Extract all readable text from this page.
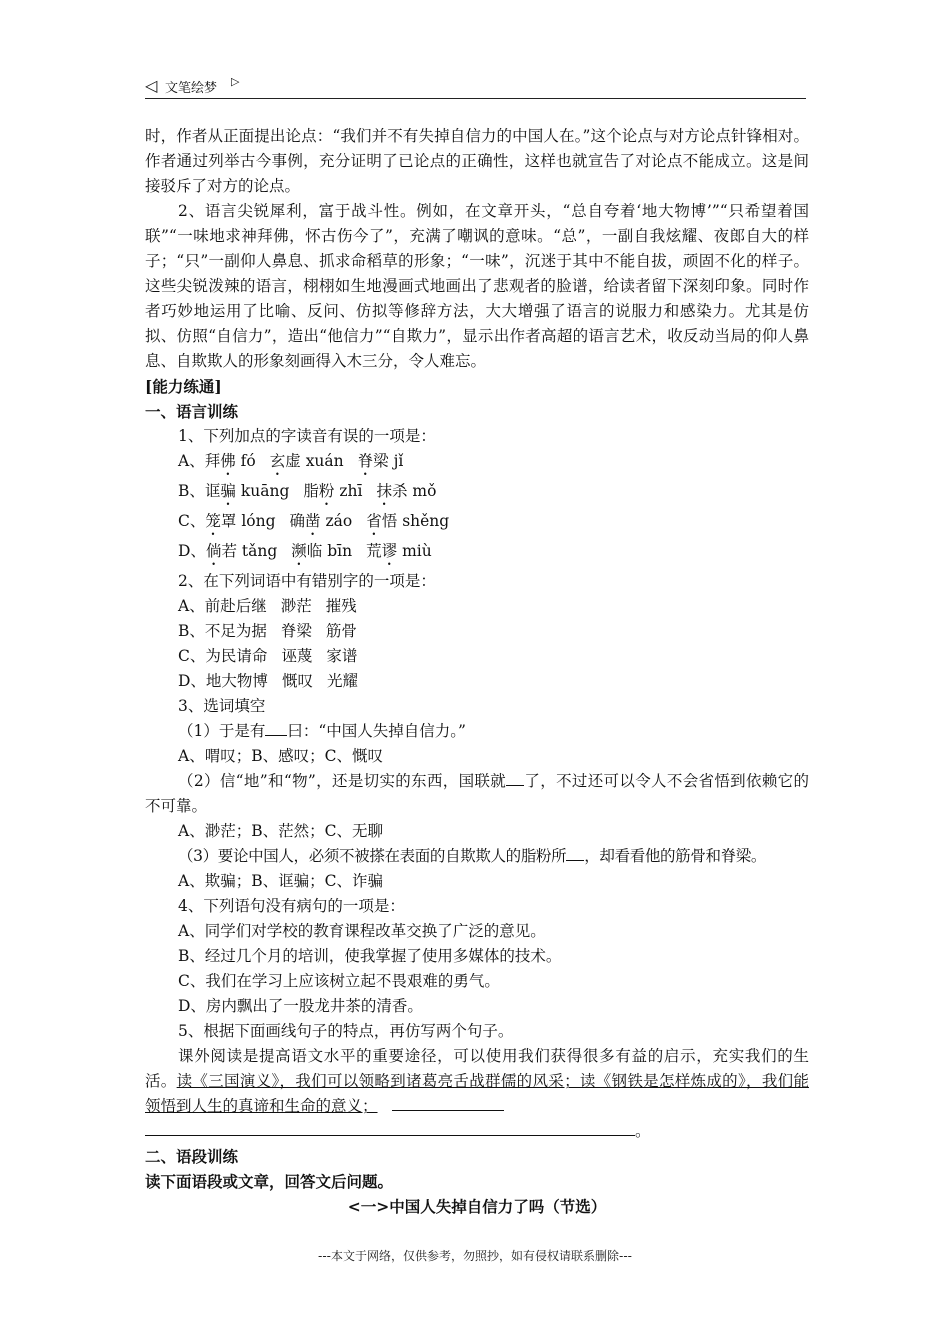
◁ 文笔绘梦 ▷

时，作者从正面提出论点：“我们并不有失掉自信力的中国人在。”这个论点与对方论点针锋相对。作者通过列举古今事例，充分证明了已论点的正确性，这样也就宣告了对论点不能成立。这是间接驳斥了对方的论点。

2、语言尖锐犀利，富于战斗性。例如，在文章开头，“总自夸着‘地大物博’”“只希望着国联”“一味地求神拜佛，怀古伤今了”，充满了嘲讽的意味。“总”，一副自我炫耀、夜郎自大的样子；“只”一副仰人鼻息、抓求命稻草的形象；“一味”，沉迷于其中不能自拔，顽固不化的样子。这些尖锐泼辣的语言，栩栩如生地漫画式地画出了悲观者的脸谱，给读者留下深刻印象。同时作者巧妙地运用了比喻、反问、仿拟等修辞方法，大大增强了语言的说服力和感染力。尤其是仿拟、仿照“自信力”，造出“他信力”“自欺力”，显示出作者高超的语言艺术，收反动当局的仰人鼻息、自欺欺人的形象刻画得入木三分，令人难忘。

[能力练通]

一、语言训练

1、下列加点的字读音有误的一项是：

A、拜佛 fó 玄虚 xuán 脊梁 jǐ

B、诓骗 kuāng 脂粉 zhī 抹杀 mǒ

C、笼罩 lóng 确凿 záo 省悟 shěng

D、倘若 tǎng 濒临 bīn 荒谬 miù

2、在下列词语中有错别字的一项是：

A、前赴后继 渺茫 摧残

B、不足为据 脊梁 筋骨

C、为民请命 诬蔑 家谱

D、地大物博 慨叹 光耀

3、选词填空

（1）于是有 曰：“中国人失掉自信力。”

A、喟叹；B、感叹；C、慨叹

（2）信“地”和“物”，还是切实的东西，国联就 了，不过还可以令人不会省悟到依赖它的不可靠。

A、渺茫；B、茫然；C、无聊

（3）要论中国人，必须不被搽在表面的自欺欺人的脂粉所 ，却看看他的筋骨和脊梁。

A、欺骗；B、诓骗；C、诈骗

4、下列语句没有病句的一项是：

A、同学们对学校的教育课程改革交换了广泛的意见。

B、经过几个月的培训，使我掌握了使用多媒体的技术。

C、我们在学习上应该树立起不畏艰难的勇气。

D、房内飘出了一股龙井茶的清香。

5、根据下面画线句子的特点，再仿写两个句子。

课外阅读是提高语文水平的重要途径，可以使用我们获得很多有益的启示，充实我们的生活。读《三国演义》，我们可以领略到诸葛亮舌战群儒的风采；读《钢铁是怎样炼成的》，我们能领悟到人生的真谛和生命的意义；

。

二、语段训练

读下面语段或文章，回答文后问题。

<一>中国人失掉自信力了吗（节选）

---本文于网络，仅供参考，勿照抄，如有侵权请联系删除---
